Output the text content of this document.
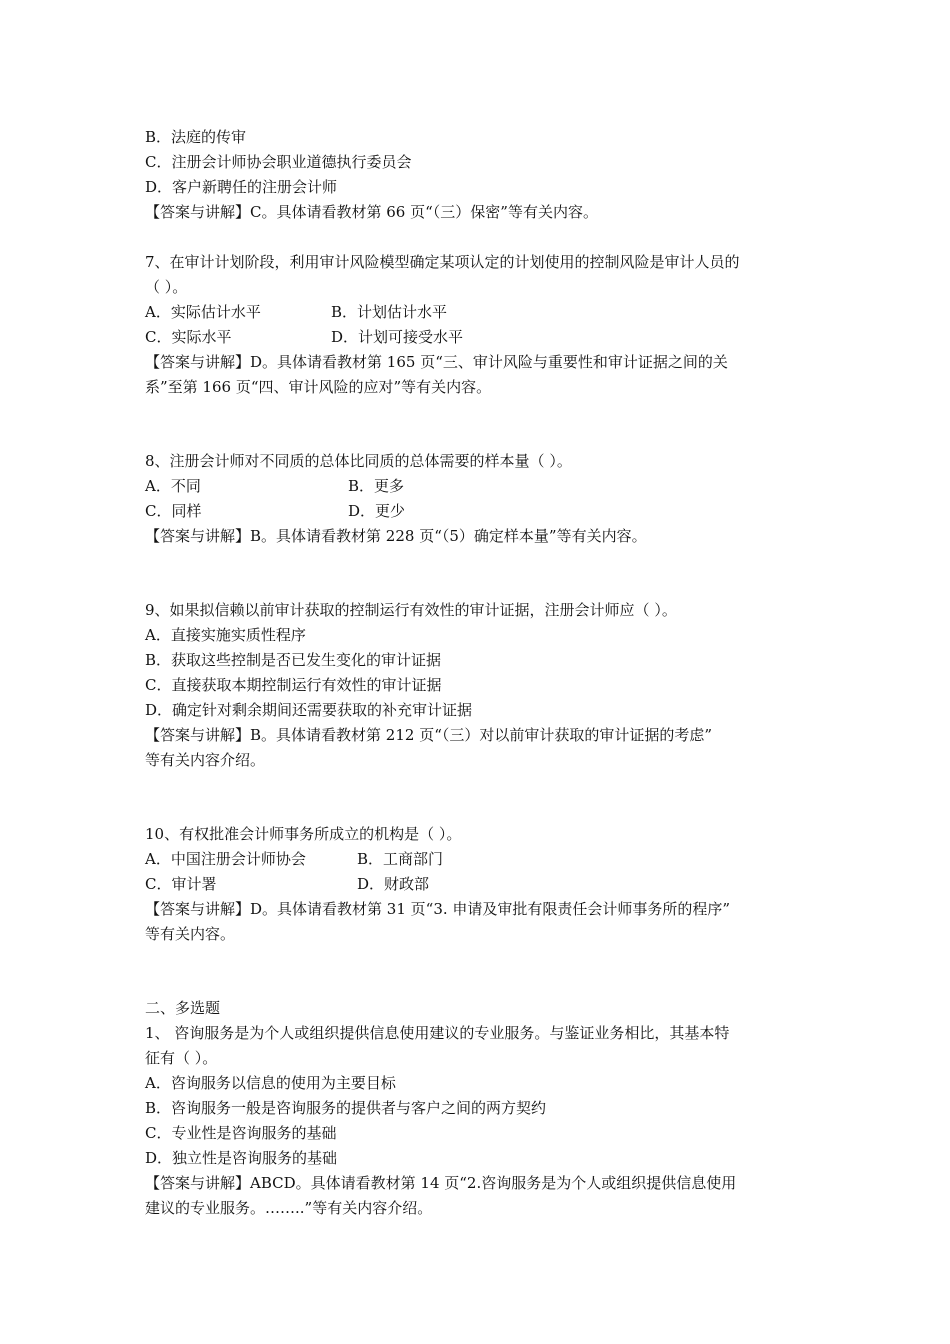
B．法庭的传审
C．注册会计师协会职业道德执行委员会
D．客户新聘任的注册会计师
【答案与讲解】C。具体请看教材第 66 页“（三）保密”等有关内容。
7、在审计计划阶段，利用审计风险模型确定某项认定的计划使用的控制风险是审计人员的
（ ）。
A．实际估计水平	B．计划估计水平
C．实际水平	D．计划可接受水平
【答案与讲解】D。具体请看教材第 165 页“三、审计风险与重要性和审计证据之间的关
系”至第 166 页“四、审计风险的应对”等有关内容。
8、注册会计师对不同质的总体比同质的总体需要的样本量（ ）。
A．不同	B．更多
C．同样	D．更少
【答案与讲解】B。具体请看教材第 228 页“（5）确定样本量”等有关内容。
9、如果拟信赖以前审计获取的控制运行有效性的审计证据，注册会计师应（ ）。
A．直接实施实质性程序
B．获取这些控制是否已发生变化的审计证据
C．直接获取本期控制运行有效性的审计证据
D．确定针对剩余期间还需要获取的补充审计证据
【答案与讲解】B。具体请看教材第 212 页“（三）对以前审计获取的审计证据的考虑”
等有关内容介绍。
10、有权批准会计师事务所成立的机构是（ ）。
A．中国注册会计师协会	B．工商部门
C．审计署	D．财政部
【答案与讲解】D。具体请看教材第 31 页“3. 申请及审批有限责任会计师事务所的程序”
等有关内容。
二、多选题
1、 咨询服务是为个人或组织提供信息使用建议的专业服务。与鉴证业务相比，其基本特
征有（ ）。
A．咨询服务以信息的使用为主要目标
B．咨询服务一般是咨询服务的提供者与客户之间的两方契约
C．专业性是咨询服务的基础
D．独立性是咨询服务的基础
【答案与讲解】ABCD。具体请看教材第 14 页“2.咨询服务是为个人或组织提供信息使用
建议的专业服务。……..”等有关内容介绍。
